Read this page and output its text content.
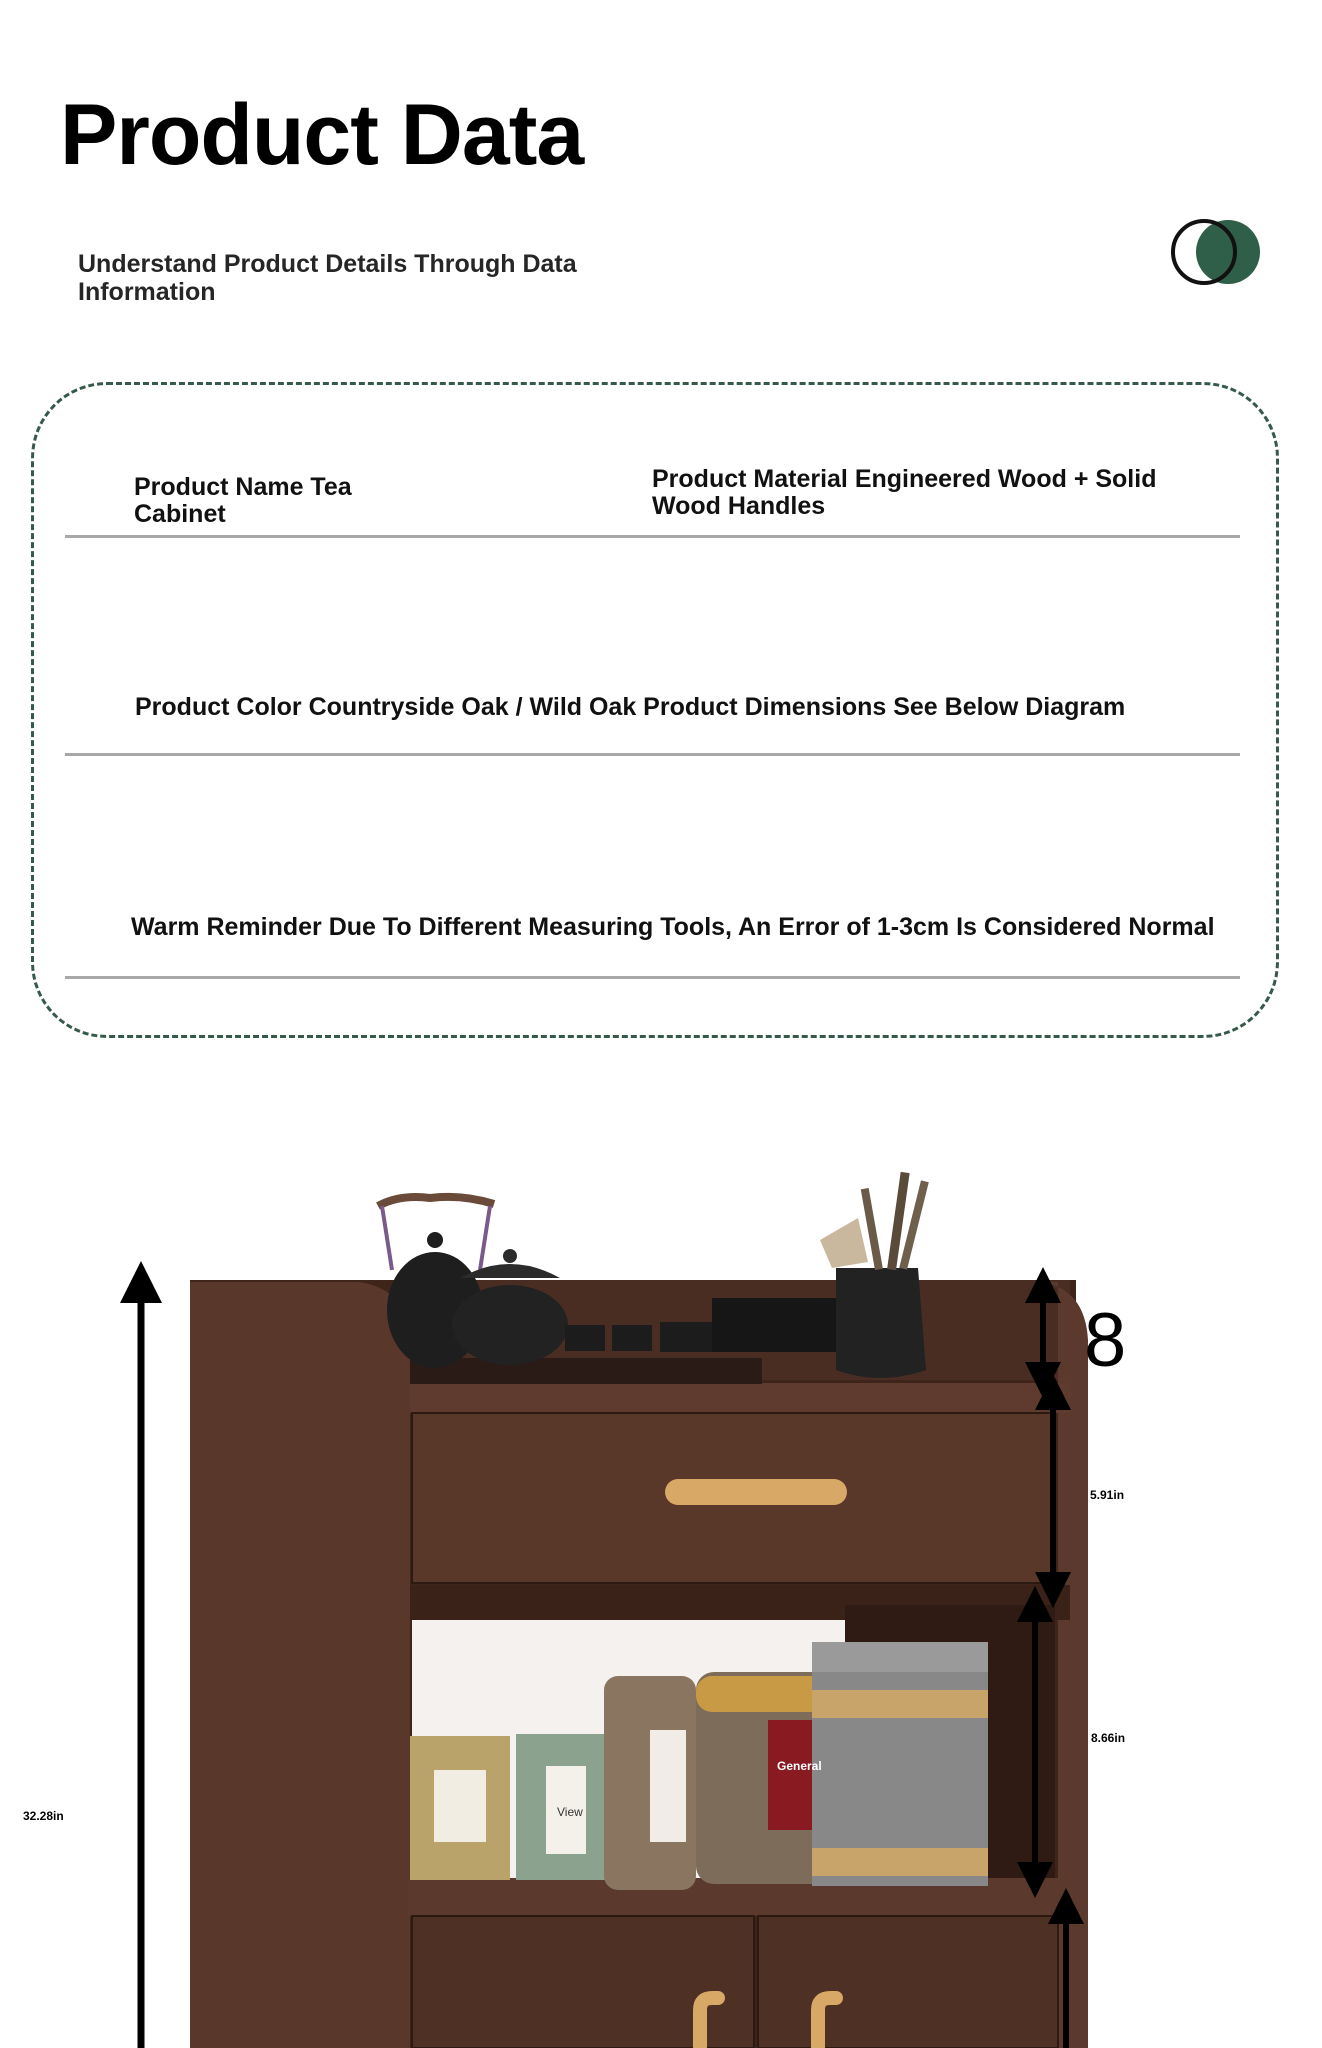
Product Data
Understand Product Details Through Data Information
Product Name Tea Cabinet
Product Material Engineered Wood + Solid Wood Handles
Product Color Countryside Oak / Wild Oak Product Dimensions See Below Diagram
Warm Reminder Due To Different Measuring Tools, An Error of 1-3cm Is Considered Normal
General
View
8
5.91in
8.66in
32.28in
